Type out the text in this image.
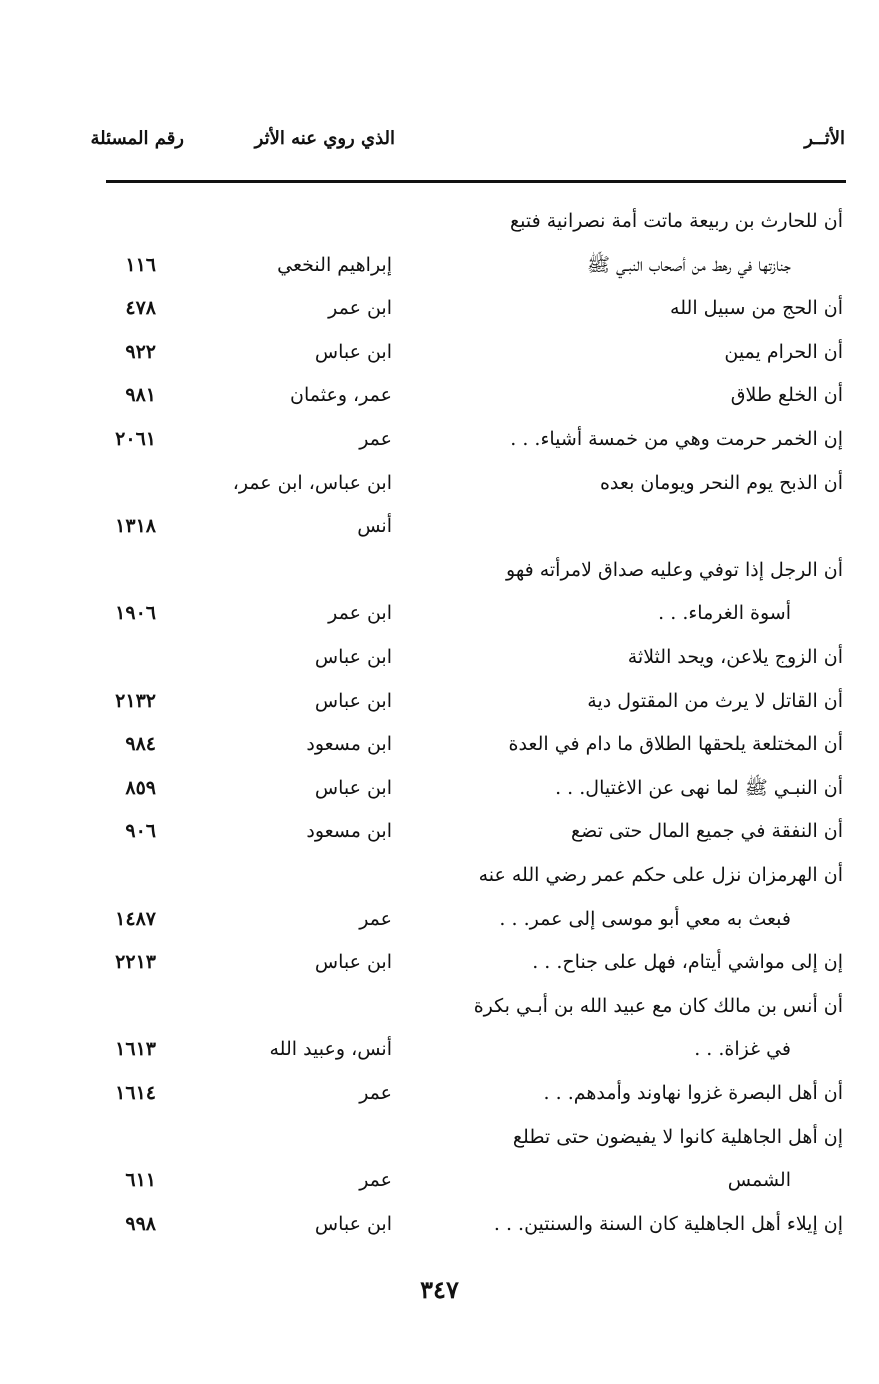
الأثــر
الذي روي عنه الأثر
رقم المسئلة
أن للحارث بن ربيعة ماتت أمة نصرانية فتبع
جنازتها في رهط من أصحاب النبـي ﷺ
إبراهيم النخعي
١١٦
أن الحج من سبيل الله
ابن عمر
٤٧٨
أن الحرام يمين
ابن عباس
٩٢٢
أن الخلع طلاق
عمر، وعثمان
٩٨١
إن الخمر حرمت وهي من خمسة أشياء. . .
عمر
٢٠٦١
أن الذبح يوم النحر ويومان بعده
ابن عباس، ابن عمر،
أنس
١٣١٨
أن الرجل إذا توفي وعليه صداق لامرأته فهو
أسوة الغرماء. . .
ابن عمر
١٩٠٦
أن الزوج يلاعن، ويحد الثلاثة
ابن عباس
أن القاتل لا يرث من المقتول دية
ابن عباس
٢١٣٢
أن المختلعة يلحقها الطلاق ما دام في العدة
ابن مسعود
٩٨٤
أن النبـي ﷺ لما نهى عن الاغتيال. . .
ابن عباس
٨٥٩
أن النفقة في جميع المال حتى تضع
ابن مسعود
٩٠٦
أن الهرمزان نزل على حكم عمر رضي الله عنه
فبعث به معي أبو موسى إلى عمر. . .
عمر
١٤٨٧
إن إلى مواشي أيتام، فهل على جناح. . .
ابن عباس
٢٢١٣
أن أنس بن مالك كان مع عبيد الله بن أبـي بكرة
في غزاة. . .
أنس، وعبيد الله
١٦١٣
أن أهل البصرة غزوا نهاوند وأمدهم. . .
عمر
١٦١٤
إن أهل الجاهلية كانوا لا يفيضون حتى تطلع
الشمس
عمر
٦١١
إن إيلاء أهل الجاهلية كان السنة والسنتين. . .
ابن عباس
٩٩٨
٣٤٧
